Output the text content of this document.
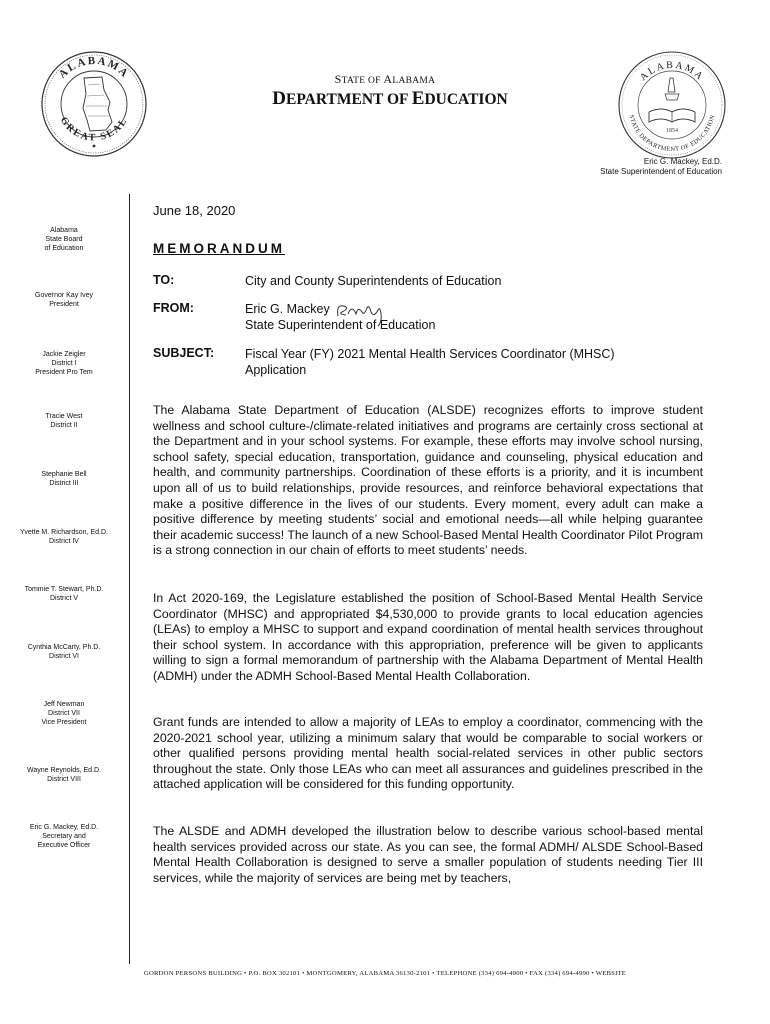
ALABAMA
GREAT SEAL
ALABAMA
STATE DEPARTMENT OF EDUCATION
1854
STATE OF ALABAMA
DEPARTMENT OF EDUCATION
Eric G. Mackey, Ed.D.
State Superintendent of Education
Alabama
State Board
of Education
Governor Kay Ivey
President
Jackie Zeigler
District I
President Pro Tem
Tracie West
District II
Stephanie Bell
District III
Yvette M. Richardson, Ed.D.
District IV
Tommie T. Stewart, Ph.D.
District V
Cynthia McCarty, Ph.D.
District VI
Jeff Newman
District VII
Vice President
Wayne Reynolds, Ed.D.
District VIII
Eric G. Mackey, Ed.D.
Secretary and
Executive Officer
June 18, 2020
MEMORANDUM
TO:	City and County Superintendents of Education
FROM:	Eric G. Mackey
State Superintendent of Education
SUBJECT: Fiscal Year (FY) 2021 Mental Health Services Coordinator (MHSC)
Application

The Alabama State Department of Education (ALSDE) recognizes efforts to improve student wellness and school culture-/climate-related initiatives and programs are certainly cross sectional at the Department and in your school systems. For example, these efforts may involve school nursing, school safety, special education, transportation, guidance and counseling, physical education and health, and community partnerships. Coordination of these efforts is a priority, and it is incumbent upon all of us to build relationships, provide resources, and reinforce behavioral expectations that make a positive difference in the lives of our students. Every moment, every adult can make a positive difference by meeting students’ social and emotional needs—all while helping guarantee their academic success! The launch of a new School-Based Mental Health Coordinator Pilot Program is a strong connection in our chain of efforts to meet students’ needs.

In Act 2020-169, the Legislature established the position of School-Based Mental Health Service Coordinator (MHSC) and appropriated $4,530,000 to provide grants to local education agencies (LEAs) to employ a MHSC to support and expand coordination of mental health services throughout their school system. In accordance with this appropriation, preference will be given to applicants willing to sign a formal memorandum of partnership with the Alabama Department of Mental Health (ADMH) under the ADMH School-Based Mental Health Collaboration.

Grant funds are intended to allow a majority of LEAs to employ a coordinator, commencing with the 2020-2021 school year, utilizing a minimum salary that would be comparable to social workers or other qualified persons providing mental health social-related services in other public sectors throughout the state. Only those LEAs who can meet all assurances and guidelines prescribed in the attached application will be considered for this funding opportunity.

The ALSDE and ADMH developed the illustration below to describe various school-based mental health services provided across our state. As you can see, the formal ADMH/ ALSDE School-Based Mental Health Collaboration is designed to serve a smaller population of students needing Tier III services, while the majority of services are being met by teachers,

GORDON PERSONS BUILDING • P.O. BOX 302101 • MONTGOMERY, ALABAMA 36130-2101 • TELEPHONE (334) 694-4900 • FAX (334) 694-4990 • WEBSITE
